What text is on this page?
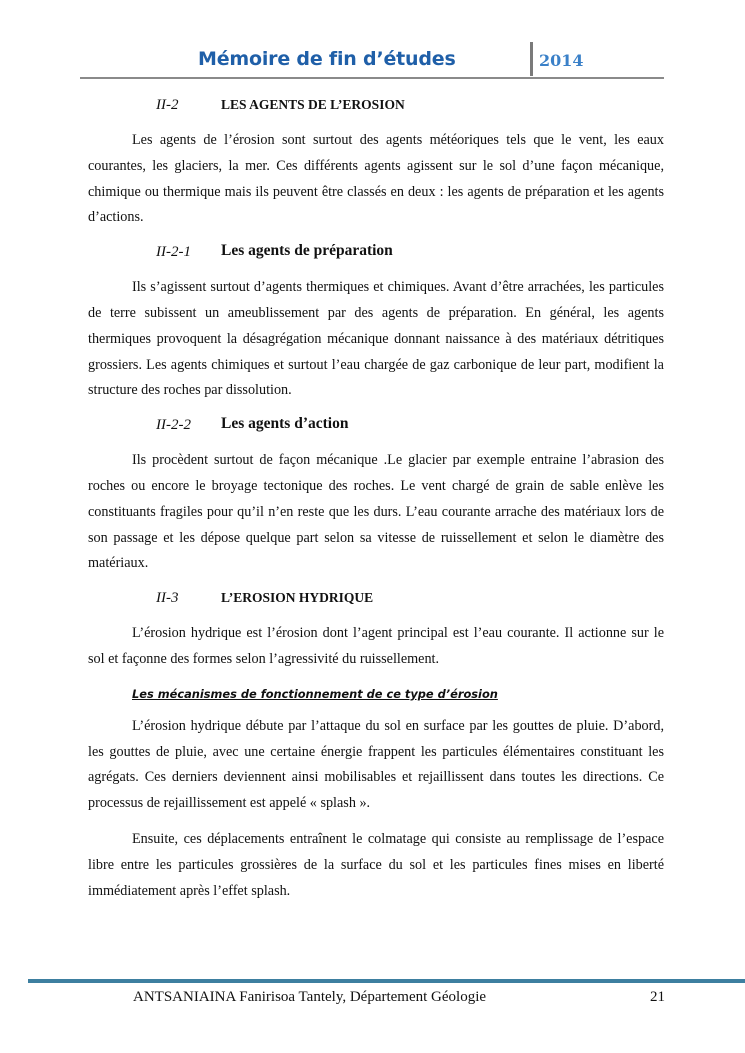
Mémoire de fin d’études	2014
II-2	LES AGENTS DE L’EROSION

Les agents de l’érosion sont surtout des agents météoriques tels que le vent, les eaux courantes, les glaciers, la mer. Ces différents agents agissent sur le sol d’une façon mécanique, chimique ou thermique mais ils peuvent être classés en deux : les agents de préparation et les agents d’actions.

II-2-1 Les agents de préparation

Ils s’agissent surtout d’agents thermiques et chimiques. Avant d’être arrachées, les particules de terre subissent un ameublissement par des agents de préparation. En général, les agents thermiques provoquent la désagrégation mécanique donnant naissance à des matériaux détritiques grossiers. Les agents chimiques et surtout l’eau chargée de gaz carbonique de leur part, modifient la structure des roches par dissolution.

II-2-2 Les agents d’action

Ils procèdent surtout de façon mécanique .Le glacier par exemple entraine l’abrasion des roches ou encore le broyage tectonique des roches. Le vent chargé de grain de sable enlève les constituants fragiles pour qu’il n’en reste que les durs. L’eau courante arrache des matériaux lors de son passage et les dépose quelque part selon sa vitesse de ruissellement et selon le diamètre des matériaux.

II-3	L’EROSION HYDRIQUE

L’érosion hydrique est l’érosion dont l’agent principal est l’eau courante. Il actionne sur le sol et façonne des formes selon l’agressivité du ruissellement.

Les mécanismes de fonctionnement de ce type d’érosion

L’érosion hydrique débute par l’attaque du sol en surface par les gouttes de pluie. D’abord, les gouttes de pluie, avec une certaine énergie frappent les particules élémentaires constituant les agrégats. Ces derniers deviennent ainsi mobilisables et rejaillissent dans toutes les directions. Ce processus de rejaillissement est appelé « splash ».

Ensuite, ces déplacements entraînent le colmatage qui consiste au remplissage de l’espace libre entre les particules grossières de la surface du sol et les particules fines mises en liberté immédiatement après l’effet splash.

ANTSANIAINA Fanirisoa Tantely, Département Géologie	21
